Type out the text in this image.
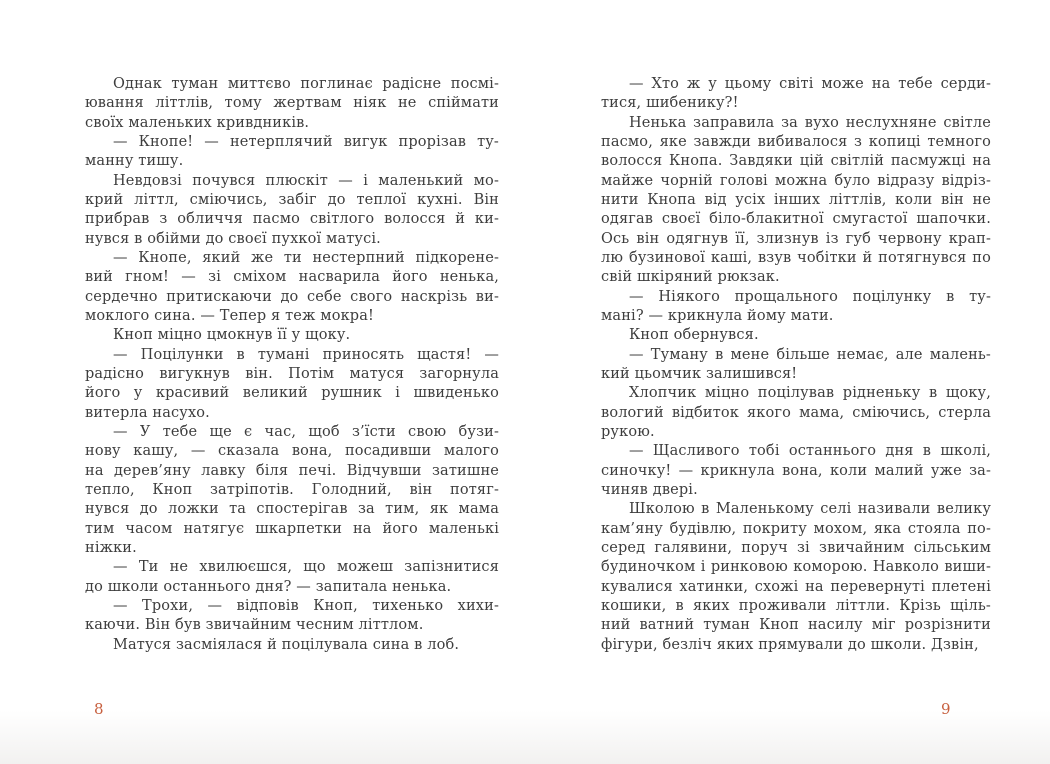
Однак туман миттєво поглинає радісне посмі-
ювання літтлів, тому жертвам ніяк не спіймати
своїх маленьких кривдників.
— Кнопе! — нетерплячий вигук прорізав ту-
манну тишу.
Невдовзі почувся плюскіт — і маленький мо-
крий літтл, сміючись, забіг до теплої кухні. Він
прибрав з обличчя пасмо світлого волосся й ки-
нувся в обійми до своєї пухкої матусі.
— Кнопе, який же ти нестерпний підкорене-
вий гном! — зі сміхом насварила його ненька,
сердечно притискаючи до себе свого наскрізь ви-
моклого сина. — Тепер я теж мокра!
Кноп міцно цмокнув її у щоку.
— Поцілунки в тумані приносять щастя! —
радісно вигукнув він. Потім матуся загорнула
його у красивий великий рушник і швиденько
витерла насухо.
— У тебе ще є час, щоб з’їсти свою бузи-
нову кашу, — сказала вона, посадивши малого
на дерев’яну лавку біля печі. Відчувши затишне
тепло, Кноп затріпотів. Голодний, він потяг-
нувся до ложки та спостерігав за тим, як мама
тим часом натягує шкарпетки на його маленькі
ніжки.
— Ти не хвилюєшся, що можеш запізнитися
до школи останнього дня? — запитала ненька.
— Трохи, — відповів Кноп, тихенько хихи-
каючи. Він був звичайним чесним літтлом.
Матуся засміялася й поцілувала сина в лоб.
— Хто ж у цьому світі може на тебе серди-
тися, шибенику?!
Ненька заправила за вухо неслухняне світле
пасмо, яке завжди вибивалося з копиці темного
волосся Кнопа. Завдяки цій світлій пасмужці на
майже чорній голові можна було відразу відріз-
нити Кнопа від усіх інших літтлів, коли він не
одягав своєї біло-блакитної смугастої шапочки.
Ось він одягнув її, злизнув із губ червону крап-
лю бузинової каші, взув чобітки й потягнувся по
свій шкіряний рюкзак.
— Ніякого прощального поцілунку в ту-
мані? — крикнула йому мати.
Кноп обернувся.
— Туману в мене більше немає, але малень-
кий цьомчик залишився!
Хлопчик міцно поцілував рідненьку в щоку,
вологий відбиток якого мама, сміючись, стерла
рукою.
— Щасливого тобі останнього дня в школі,
синочку! — крикнула вона, коли малий уже за-
чиняв двері.
Школою в Маленькому селі називали велику
кам’яну будівлю, покриту мохом, яка стояла по-
серед галявини, поруч зі звичайним сільським
будиночком і ринковою коморою. Навколо виши-
кувалися хатинки, схожі на перевернуті плетені
кошики, в яких проживали літтли. Крізь щіль-
ний ватний туман Кноп насилу міг розрізнити
фігури, безліч яких прямували до школи. Дзвін,
8	9
